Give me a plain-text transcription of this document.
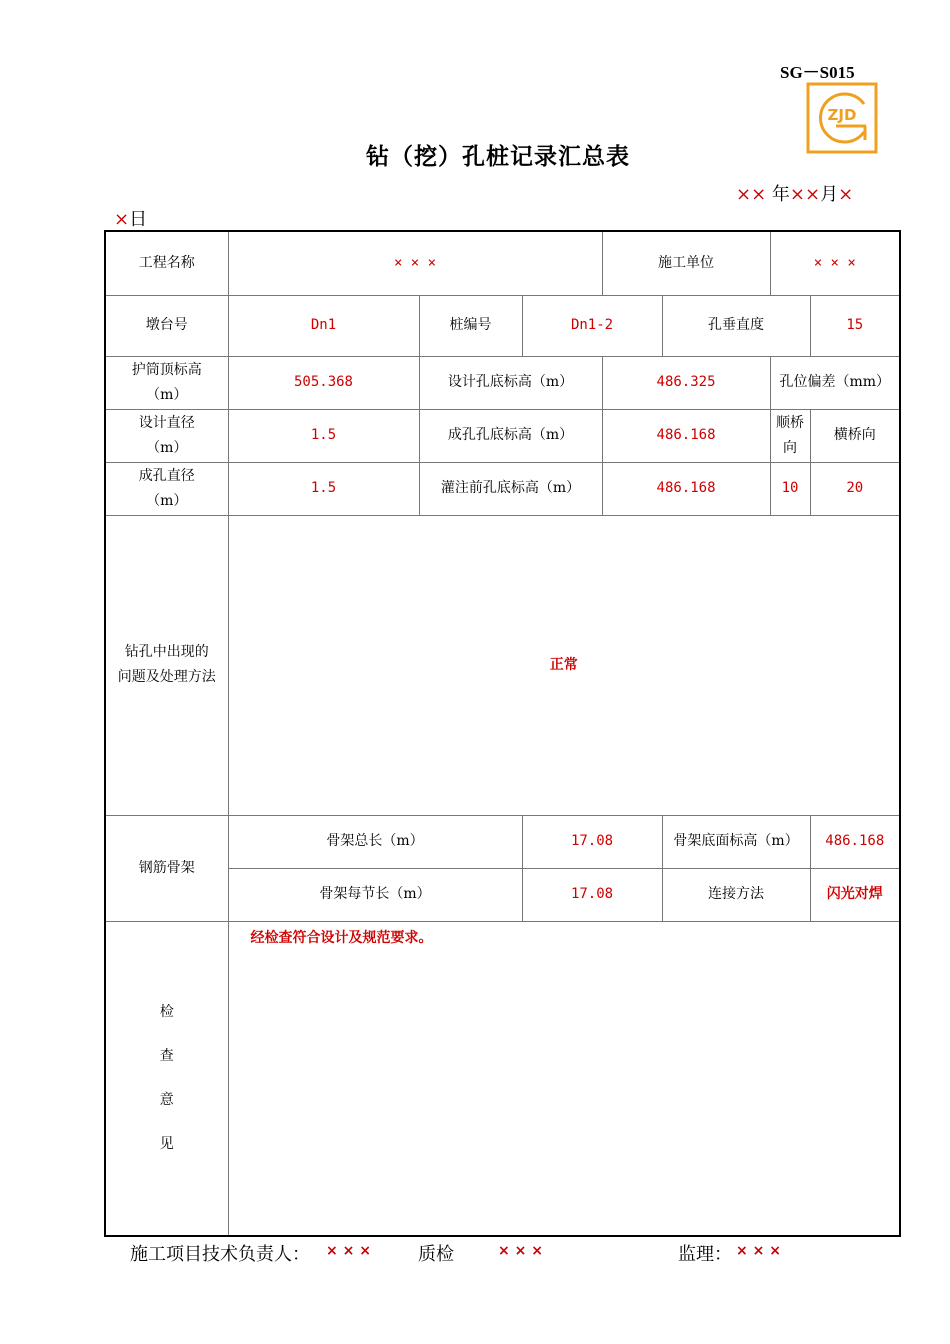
SG－S015
ZJD
钻（挖）孔桩记录汇总表
×× 年××月×
×日
工程名称	× × ×			施工单位		× × ×	
墩台号	Dn1	桩编号	Dn1-2		孔垂直度		15

护筒顶标高
（m）	505.368	设计孔底标高（m）		486.325		孔位偏差（mm）	

设计直径
（m）	1.5	成孔孔底标高（m）		486.168		顺桥向	横桥向

成孔直径
（m）	1.5	灌注前孔底标高（m）		486.168		10	20

钻孔中出现的
问题及处理方法	正常						
钢筋骨架	骨架总长（m）		17.08		骨架底面标高（m）		486.168
	骨架每节长（m）		17.08		连接方法		闪光对焊

检
查
意
见	经检查符合设计及规范要求。						
施工项目技术负责人： × × ×	质检	× × ×	监理： × × ×
